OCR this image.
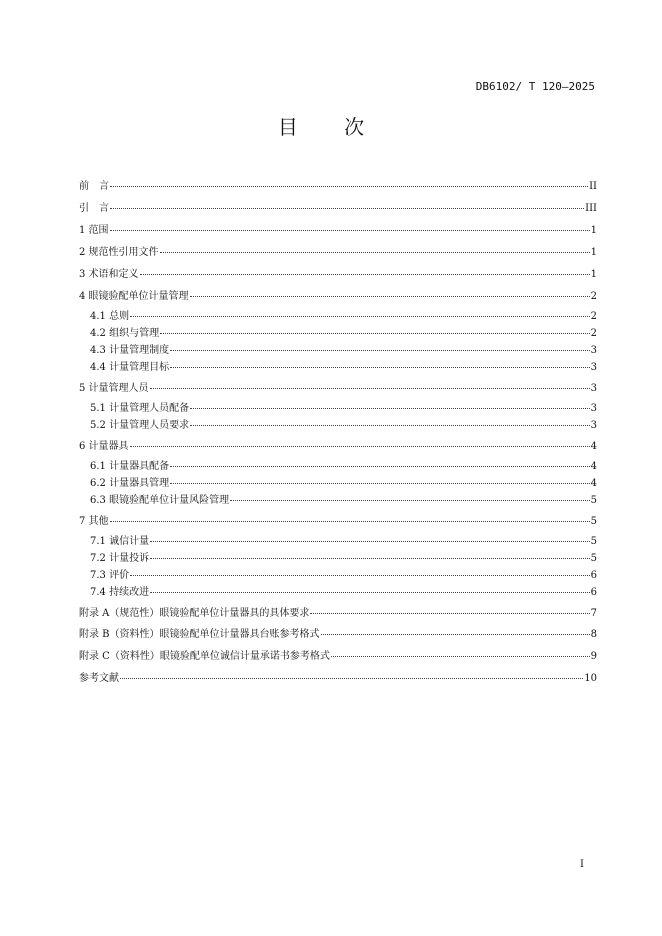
DB6102/ T 120—2025
目 次
前　言	II
引　言	III
1 范围	1
2 规范性引用文件	1
3 术语和定义	1
4 眼镜验配单位计量管理	2
4.1 总则	2
4.2 组织与管理	2
4.3 计量管理制度	3
4.4 计量管理目标	3
5 计量管理人员	3
5.1 计量管理人员配备	3
5.2 计量管理人员要求	3
6 计量器具	4
6.1 计量器具配备	4
6.2 计量器具管理	4
6.3 眼镜验配单位计量风险管理	5
7 其他	5
7.1 诚信计量	5
7.2 计量投诉	5
7.3 评价	6
7.4 持续改进	6
附录 A（规范性）眼镜验配单位计量器具的具体要求	7
附录 B（资料性）眼镜验配单位计量器具台账参考格式	8
附录 C（资料性）眼镜验配单位诚信计量承诺书参考格式	9
参考文献	10
I
